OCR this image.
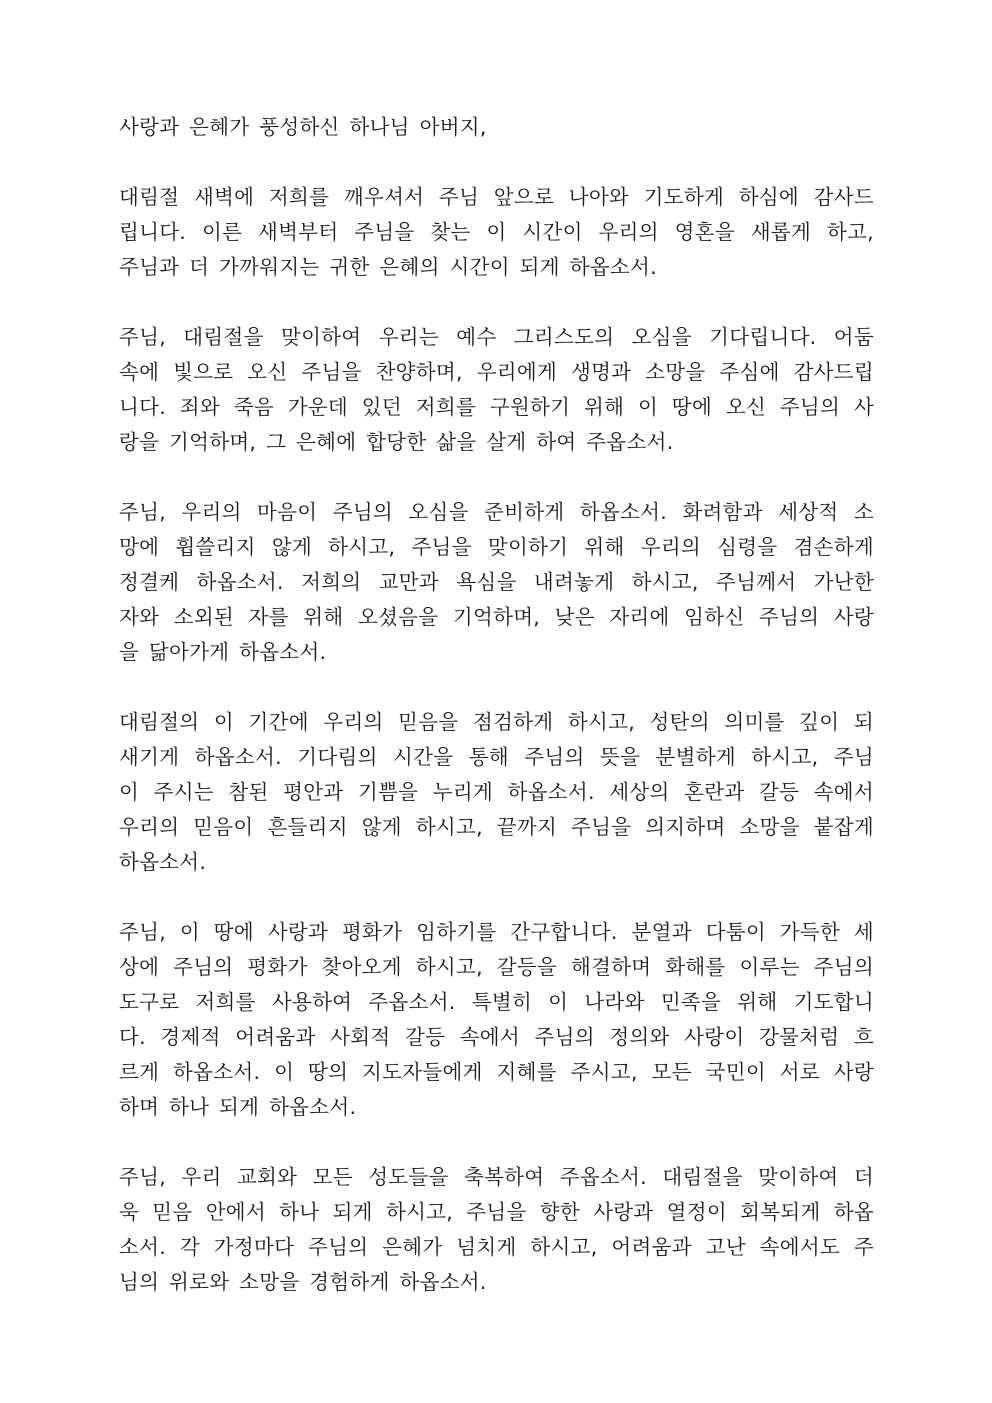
사랑과 은혜가 풍성하신 하나님 아버지,
대림절 새벽에 저희를 깨우셔서 주님 앞으로 나아와 기도하게 하심에 감사드
립니다. 이른 새벽부터 주님을 찾는 이 시간이 우리의 영혼을 새롭게 하고,
주님과 더 가까워지는 귀한 은혜의 시간이 되게 하옵소서.
주님, 대림절을 맞이하여 우리는 예수 그리스도의 오심을 기다립니다. 어둠
속에 빛으로 오신 주님을 찬양하며, 우리에게 생명과 소망을 주심에 감사드립
니다. 죄와 죽음 가운데 있던 저희를 구원하기 위해 이 땅에 오신 주님의 사
랑을 기억하며, 그 은혜에 합당한 삶을 살게 하여 주옵소서.
주님, 우리의 마음이 주님의 오심을 준비하게 하옵소서. 화려함과 세상적 소
망에 휩쓸리지 않게 하시고, 주님을 맞이하기 위해 우리의 심령을 겸손하게
정결케 하옵소서. 저희의 교만과 욕심을 내려놓게 하시고, 주님께서 가난한
자와 소외된 자를 위해 오셨음을 기억하며, 낮은 자리에 임하신 주님의 사랑
을 닮아가게 하옵소서.
대림절의 이 기간에 우리의 믿음을 점검하게 하시고, 성탄의 의미를 깊이 되
새기게 하옵소서. 기다림의 시간을 통해 주님의 뜻을 분별하게 하시고, 주님
이 주시는 참된 평안과 기쁨을 누리게 하옵소서. 세상의 혼란과 갈등 속에서
우리의 믿음이 흔들리지 않게 하시고, 끝까지 주님을 의지하며 소망을 붙잡게
하옵소서.
주님, 이 땅에 사랑과 평화가 임하기를 간구합니다. 분열과 다툼이 가득한 세
상에 주님의 평화가 찾아오게 하시고, 갈등을 해결하며 화해를 이루는 주님의
도구로 저희를 사용하여 주옵소서. 특별히 이 나라와 민족을 위해 기도합니
다. 경제적 어려움과 사회적 갈등 속에서 주님의 정의와 사랑이 강물처럼 흐
르게 하옵소서. 이 땅의 지도자들에게 지혜를 주시고, 모든 국민이 서로 사랑
하며 하나 되게 하옵소서.
주님, 우리 교회와 모든 성도들을 축복하여 주옵소서. 대림절을 맞이하여 더
욱 믿음 안에서 하나 되게 하시고, 주님을 향한 사랑과 열정이 회복되게 하옵
소서. 각 가정마다 주님의 은혜가 넘치게 하시고, 어려움과 고난 속에서도 주
님의 위로와 소망을 경험하게 하옵소서.
